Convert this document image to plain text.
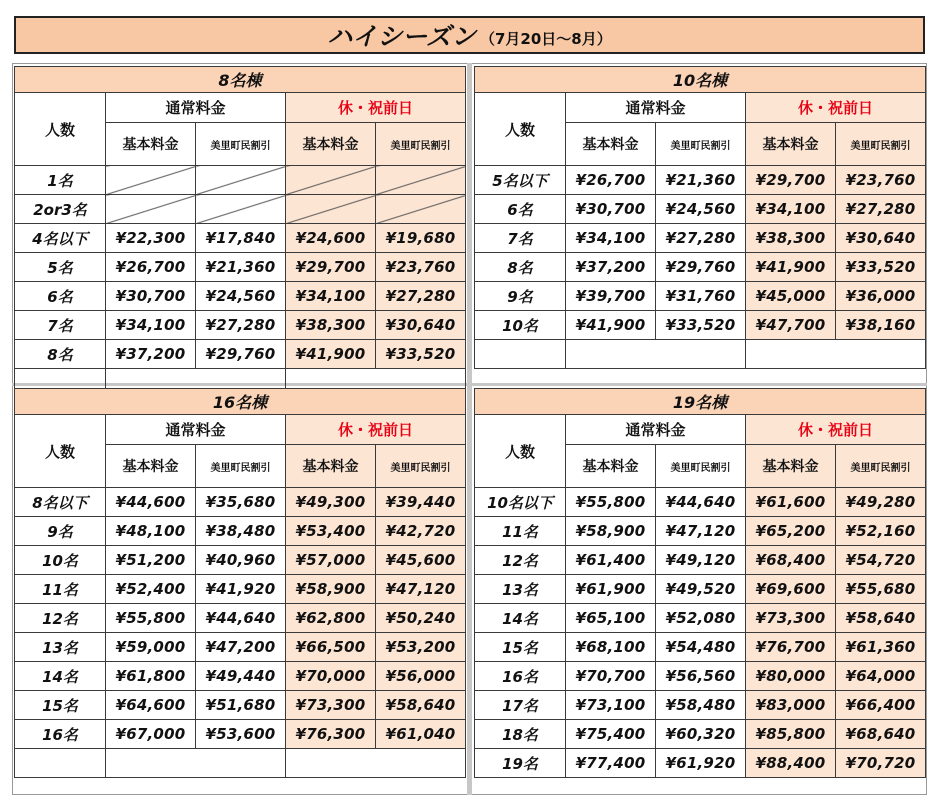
ハイシーズン （7月20日～8月）
8名棟				
人数	通常料金		休・祝前日	
	基本料金	美里町民割引	基本料金	美里町民割引
1名				
2or3名				
4名以下	¥22,300	¥17,840	¥24,600	¥19,680
5名	¥26,700	¥21,360	¥29,700	¥23,760
6名	¥30,700	¥24,560	¥34,100	¥27,280
7名	¥34,100	¥27,280	¥38,300	¥30,640
8名	¥37,200	¥29,760	¥41,900	¥33,520

10名棟				
人数	通常料金		休・祝前日	
	基本料金	美里町民割引	基本料金	美里町民割引
5名以下	¥26,700	¥21,360	¥29,700	¥23,760
6名	¥30,700	¥24,560	¥34,100	¥27,280
7名	¥34,100	¥27,280	¥38,300	¥30,640
8名	¥37,200	¥29,760	¥41,900	¥33,520
9名	¥39,700	¥31,760	¥45,000	¥36,000
10名	¥41,900	¥33,520	¥47,700	¥38,160

16名棟				
人数	通常料金		休・祝前日	
	基本料金	美里町民割引	基本料金	美里町民割引
8名以下	¥44,600	¥35,680	¥49,300	¥39,440
9名	¥48,100	¥38,480	¥53,400	¥42,720
10名	¥51,200	¥40,960	¥57,000	¥45,600
11名	¥52,400	¥41,920	¥58,900	¥47,120
12名	¥55,800	¥44,640	¥62,800	¥50,240
13名	¥59,000	¥47,200	¥66,500	¥53,200
14名	¥61,800	¥49,440	¥70,000	¥56,000
15名	¥64,600	¥51,680	¥73,300	¥58,640
16名	¥67,000	¥53,600	¥76,300	¥61,040

19名棟				
人数	通常料金		休・祝前日	
	基本料金	美里町民割引	基本料金	美里町民割引
10名以下	¥55,800	¥44,640	¥61,600	¥49,280
11名	¥58,900	¥47,120	¥65,200	¥52,160
12名	¥61,400	¥49,120	¥68,400	¥54,720
13名	¥61,900	¥49,520	¥69,600	¥55,680
14名	¥65,100	¥52,080	¥73,300	¥58,640
15名	¥68,100	¥54,480	¥76,700	¥61,360
16名	¥70,700	¥56,560	¥80,000	¥64,000
17名	¥73,100	¥58,480	¥83,000	¥66,400
18名	¥75,400	¥60,320	¥85,800	¥68,640
19名	¥77,400	¥61,920	¥88,400	¥70,720
